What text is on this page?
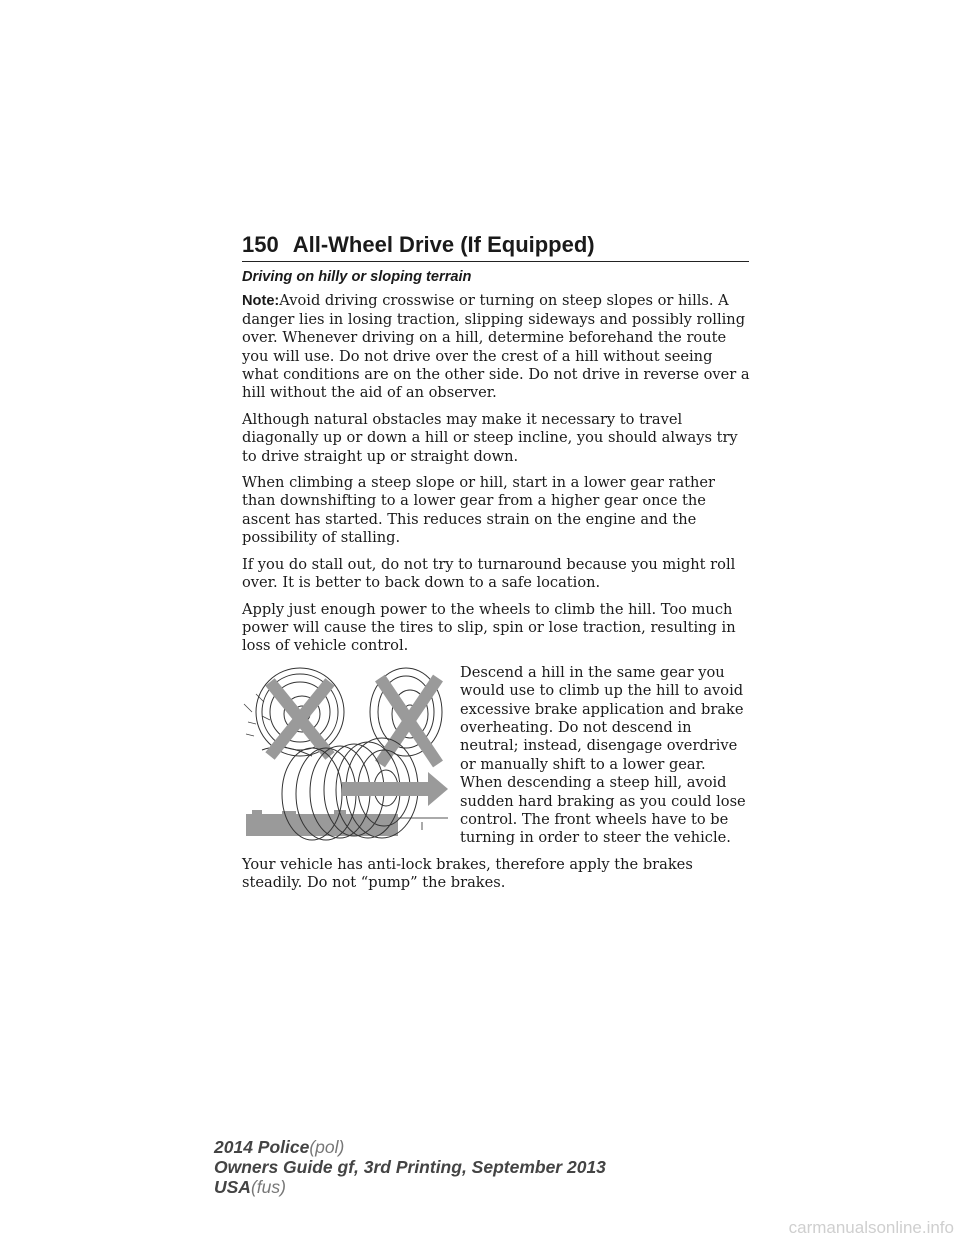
150 All-Wheel Drive (If Equipped)
Driving on hilly or sloping terrain

Note:Avoid driving crosswise or turning on steep slopes or hills. A danger lies in losing traction, slipping sideways and possibly rolling over. Whenever driving on a hill, determine beforehand the route you will use. Do not drive over the crest of a hill without seeing what conditions are on the other side. Do not drive in reverse over a hill without the aid of an observer.

Although natural obstacles may make it necessary to travel diagonally up or down a hill or steep incline, you should always try to drive straight up or straight down.

When climbing a steep slope or hill, start in a lower gear rather than downshifting to a lower gear from a higher gear once the ascent has started. This reduces strain on the engine and the possibility of stalling.

If you do stall out, do not try to turnaround because you might roll over. It is better to back down to a safe location.

Apply just enough power to the wheels to climb the hill. Too much power will cause the tires to slip, spin or lose traction, resulting in loss of vehicle control.

Descend a hill in the same gear you would use to climb up the hill to avoid excessive brake application and brake overheating. Do not descend in neutral; instead, disengage overdrive or manually shift to a lower gear. When descending a steep hill, avoid sudden hard braking as you could lose control. The front wheels have to be turning in order to steer the vehicle.

Your vehicle has anti-lock brakes, therefore apply the brakes steadily. Do not “pump” the brakes.

2014 Police(pol)
Owners Guide gf, 3rd Printing, September 2013
USA(fus)
carmanualsonline.info
